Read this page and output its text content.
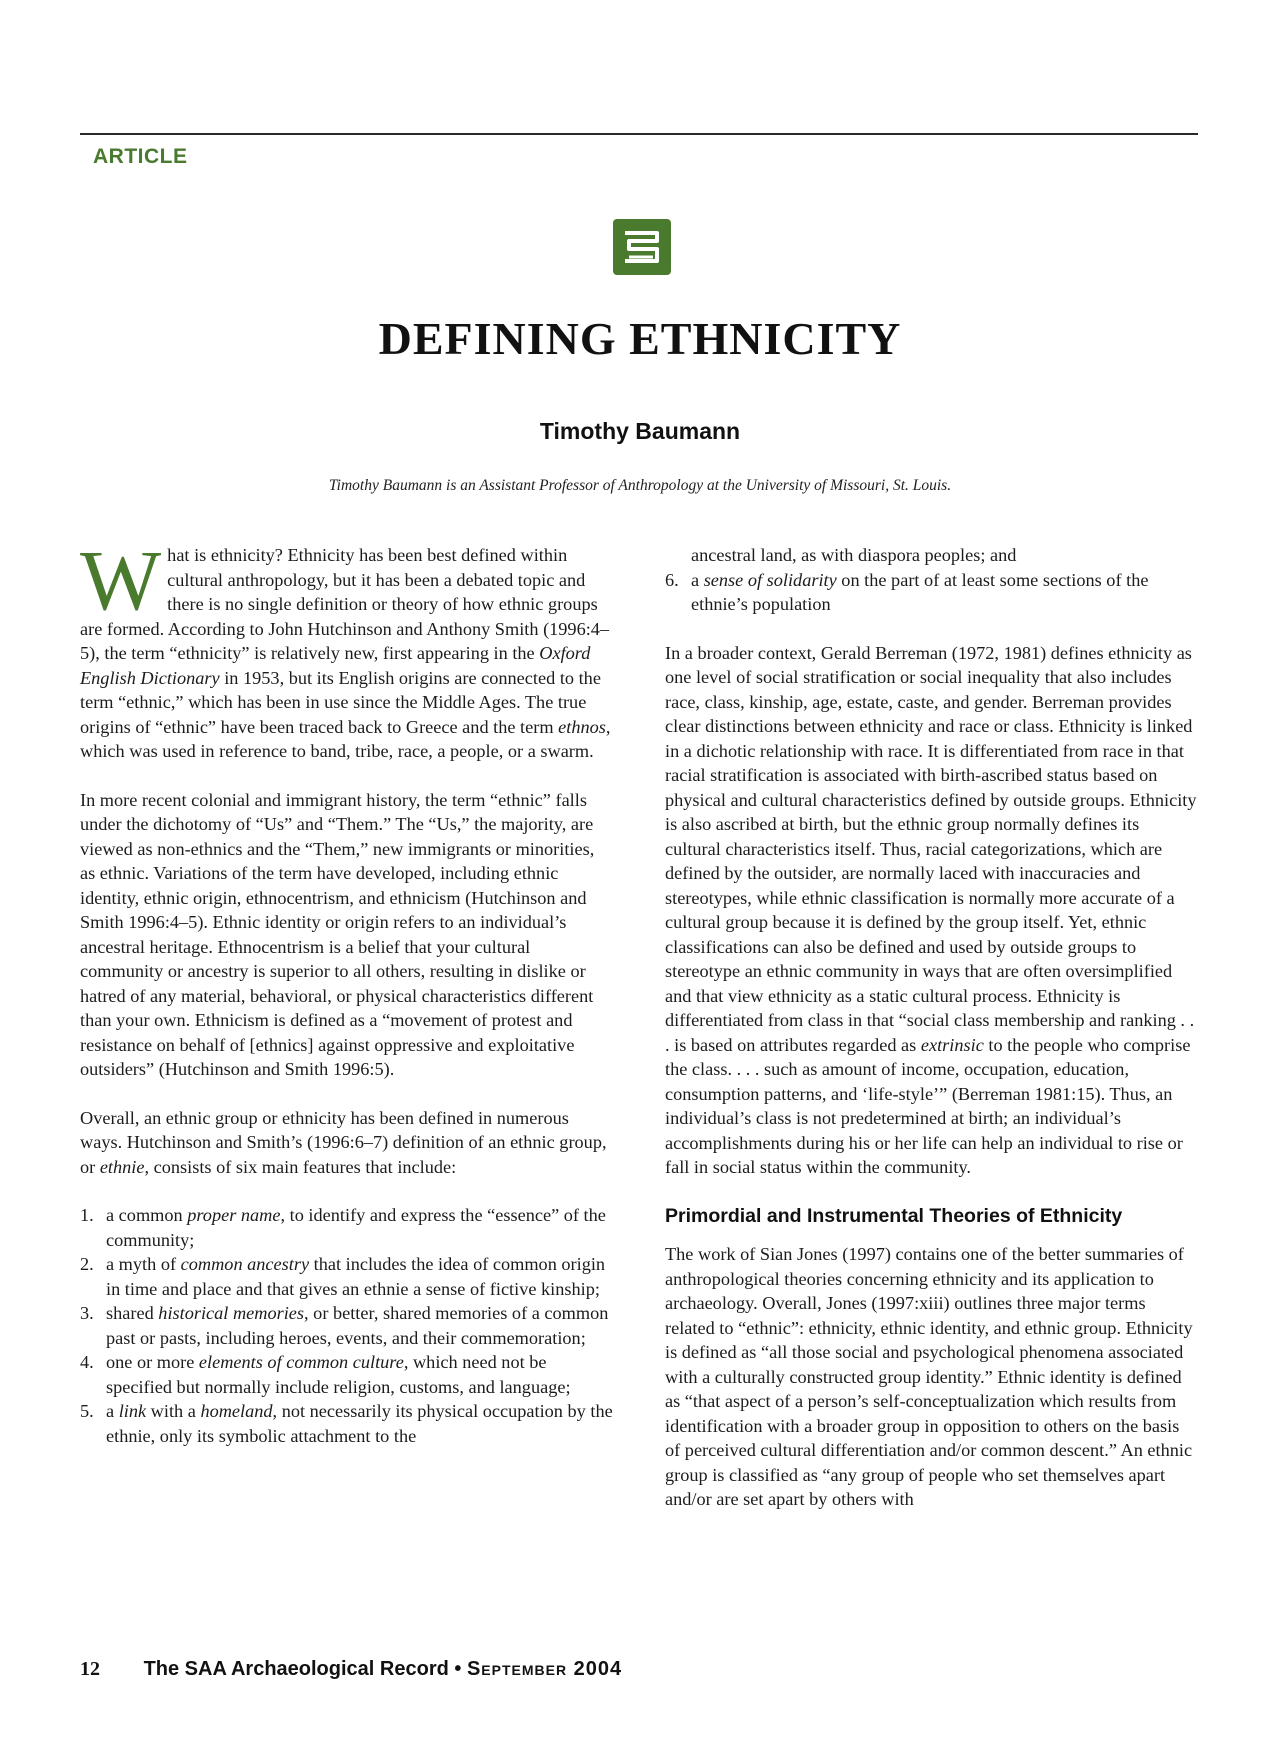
ARTICLE
DEFINING ETHNICITY
Timothy Baumann
Timothy Baumann is an Assistant Professor of Anthropology at the University of Missouri, St. Louis.

What is ethnicity? Ethnicity has been best defined within cultural anthropology, but it has been a debated topic and there is no single definition or theory of how ethnic groups are formed. According to John Hutchinson and Anthony Smith (1996:4–5), the term “ethnicity” is relatively new, first appearing in the Oxford English Dictionary in 1953, but its English origins are connected to the term “ethnic,” which has been in use since the Middle Ages. The true origins of “ethnic” have been traced back to Greece and the term ethnos, which was used in reference to band, tribe, race, a people, or a swarm.

In more recent colonial and immigrant history, the term “ethnic” falls under the dichotomy of “Us” and “Them.” The “Us,” the majority, are viewed as non-ethnics and the “Them,” new immigrants or minorities, as ethnic. Variations of the term have developed, including ethnic identity, ethnic origin, ethnocentrism, and ethnicism (Hutchinson and Smith 1996:4–5). Ethnic identity or origin refers to an individual’s ancestral heritage. Ethnocentrism is a belief that your cultural community or ancestry is superior to all others, resulting in dislike or hatred of any material, behavioral, or physical characteristics different than your own. Ethnicism is defined as a “movement of protest and resistance on behalf of [ethnics] against oppressive and exploitative outsiders” (Hutchinson and Smith 1996:5).

Overall, an ethnic group or ethnicity has been defined in numerous ways. Hutchinson and Smith’s (1996:6–7) definition of an ethnic group, or ethnie, consists of six main features that include:

1. a common proper name, to identify and express the “essence” of the community;
2. a myth of common ancestry that includes the idea of common origin in time and place and that gives an ethnie a sense of fictive kinship;
3. shared historical memories, or better, shared memories of a common past or pasts, including heroes, events, and their commemoration;
4. one or more elements of common culture, which need not be specified but normally include religion, customs, and language;
5. a link with a homeland, not necessarily its physical occupation by the ethnie, only its symbolic attachment to the
ancestral land, as with diaspora peoples; and
6. a sense of solidarity on the part of at least some sections of the ethnie’s population

In a broader context, Gerald Berreman (1972, 1981) defines ethnicity as one level of social stratification or social inequality that also includes race, class, kinship, age, estate, caste, and gender. Berreman provides clear distinctions between ethnicity and race or class. Ethnicity is linked in a dichotic relationship with race. It is differentiated from race in that racial stratification is associated with birth-ascribed status based on physical and cultural characteristics defined by outside groups. Ethnicity is also ascribed at birth, but the ethnic group normally defines its cultural characteristics itself. Thus, racial categorizations, which are defined by the outsider, are normally laced with inaccuracies and stereotypes, while ethnic classification is normally more accurate of a cultural group because it is defined by the group itself. Yet, ethnic classifications can also be defined and used by outside groups to stereotype an ethnic community in ways that are often oversimplified and that view ethnicity as a static cultural process. Ethnicity is differentiated from class in that “social class membership and ranking . . . is based on attributes regarded as extrinsic to the people who comprise the class. . . . such as amount of income, occupation, education, consumption patterns, and ‘life-style’” (Berreman 1981:15). Thus, an individual’s class is not predetermined at birth; an individual’s accomplishments during his or her life can help an individual to rise or fall in social status within the community.

Primordial and Instrumental Theories of Ethnicity

The work of Sian Jones (1997) contains one of the better summaries of anthropological theories concerning ethnicity and its application to archaeology. Overall, Jones (1997:xiii) outlines three major terms related to “ethnic”: ethnicity, ethnic identity, and ethnic group. Ethnicity is defined as “all those social and psychological phenomena associated with a culturally constructed group identity.” Ethnic identity is defined as “that aspect of a person’s self-conceptualization which results from identification with a broader group in opposition to others on the basis of perceived cultural differentiation and/or common descent.” An ethnic group is classified as “any group of people who set themselves apart and/or are set apart by others with

12 The SAA Archaeological Record • September 2004
